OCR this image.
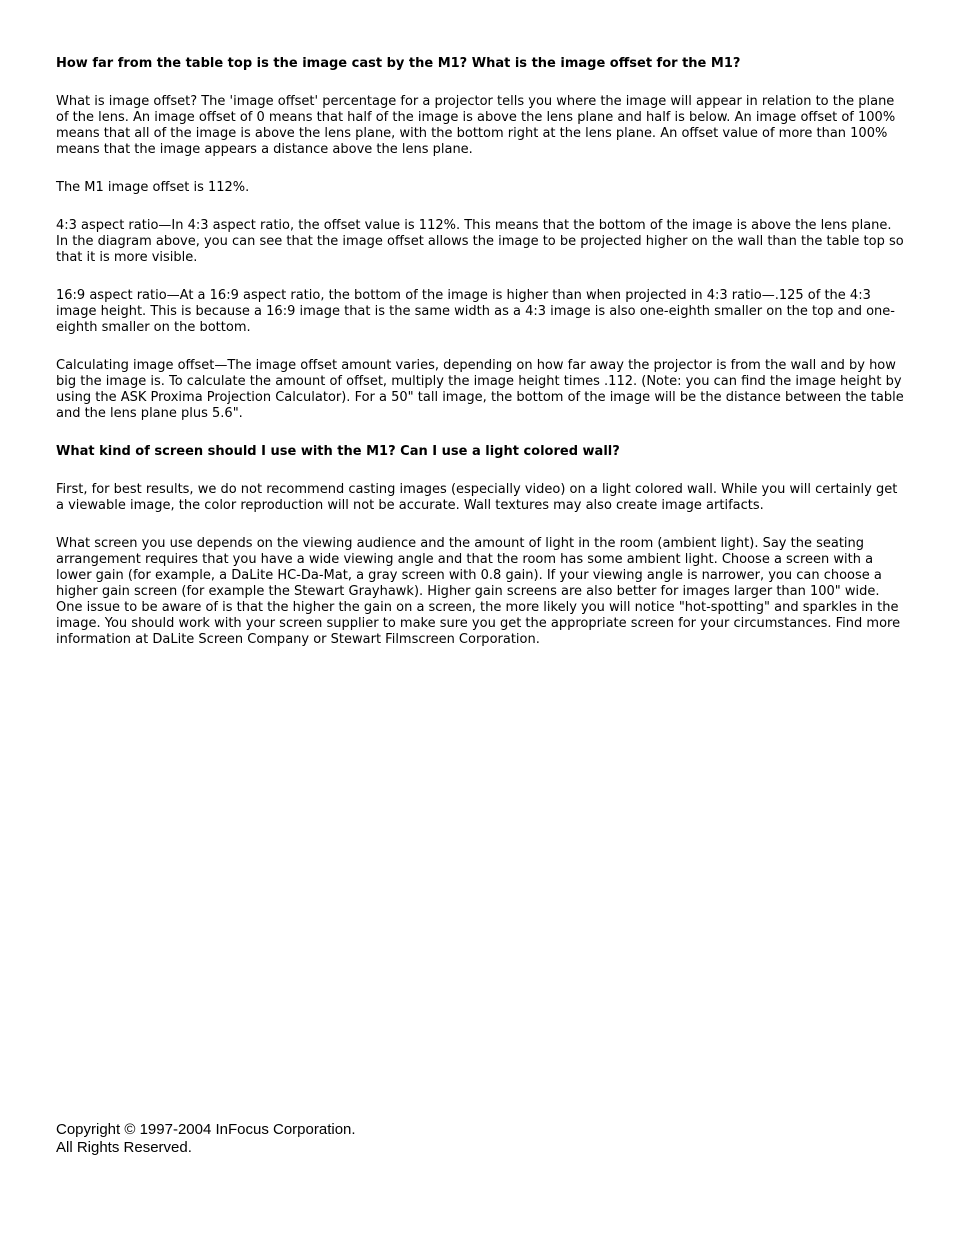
How far from the table top is the image cast by the M1? What is the image offset for the M1?
What is image offset? The 'image offset' percentage for a projector tells you where the image will appear in relation to the plane of the lens. An image offset of 0 means that half of the image is above the lens plane and half is below. An image offset of 100% means that all of the image is above the lens plane, with the bottom right at the lens plane. An offset value of more than 100% means that the image appears a distance above the lens plane.
The M1 image offset is 112%.
4:3 aspect ratio—In 4:3 aspect ratio, the offset value is 112%. This means that the bottom of the image is above the lens plane. In the diagram above, you can see that the image offset allows the image to be projected higher on the wall than the table top so that it is more visible.
16:9 aspect ratio—At a 16:9 aspect ratio, the bottom of the image is higher than when projected in 4:3 ratio—.125 of the 4:3 image height. This is because a 16:9 image that is the same width as a 4:3 image is also one-eighth smaller on the top and one-eighth smaller on the bottom.
Calculating image offset—The image offset amount varies, depending on how far away the projector is from the wall and by how big the image is. To calculate the amount of offset, multiply the image height times .112. (Note: you can find the image height by using the ASK Proxima Projection Calculator). For a 50" tall image, the bottom of the image will be the distance between the table and the lens plane plus 5.6".
What kind of screen should I use with the M1? Can I use a light colored wall?
First, for best results, we do not recommend casting images (especially video) on a light colored wall. While you will certainly get a viewable image, the color reproduction will not be accurate. Wall textures may also create image artifacts.
What screen you use depends on the viewing audience and the amount of light in the room (ambient light). Say the seating arrangement requires that you have a wide viewing angle and that the room has some ambient light. Choose a screen with a lower gain (for example, a DaLite HC-Da-Mat, a gray screen with 0.8 gain). If your viewing angle is narrower, you can choose a higher gain screen (for example the Stewart Grayhawk). Higher gain screens are also better for images larger than 100" wide. One issue to be aware of is that the higher the gain on a screen, the more likely you will notice "hot-spotting" and sparkles in the image. You should work with your screen supplier to make sure you get the appropriate screen for your circumstances. Find more information at DaLite Screen Company or Stewart Filmscreen Corporation.
Copyright © 1997-2004 InFocus Corporation.
All Rights Reserved.
